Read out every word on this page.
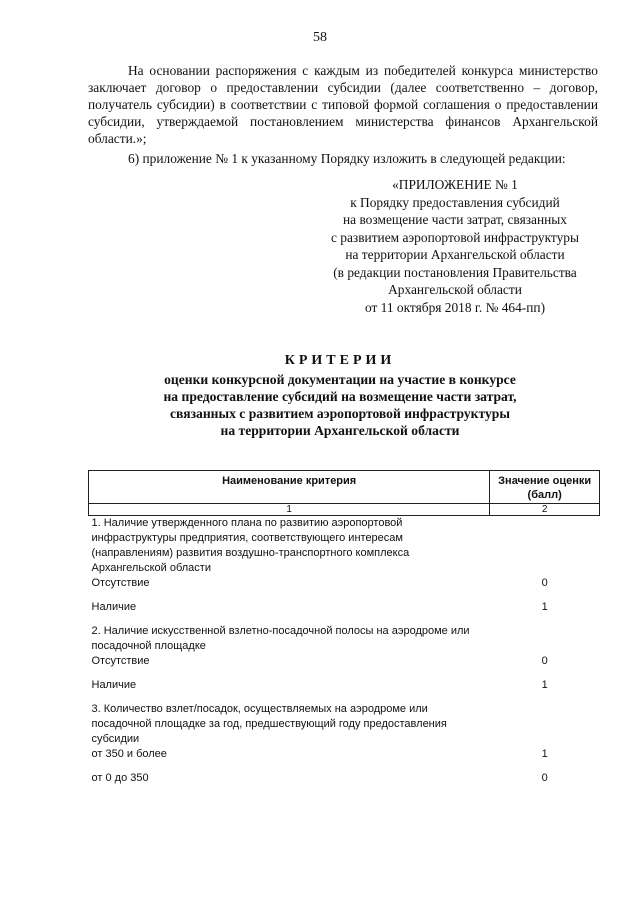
58

На основании распоряжения с каждым из победителей конкурса министерство заключает договор о предоставлении субсидии (далее соответственно – договор, получатель субсидии) в соответствии с типовой формой соглашения о предоставлении субсидии, утверждаемой постановлением министерства финансов Архангельской области.»;

6) приложение № 1 к указанному Порядку изложить в следующей редакции:

«ПРИЛОЖЕНИЕ № 1
к Порядку предоставления субсидий
на возмещение части затрат, связанных
с развитием аэропортовой инфраструктуры
на территории Архангельской области
(в редакции постановления Правительства
Архангельской области
от 11 октября 2018 г. № 464-пп)
КРИТЕРИИ
оценки конкурсной документации на участие в конкурсе
на предоставление субсидий на возмещение части затрат,
связанных с развитием аэропортовой инфраструктуры
на территории Архангельской области
Наименование критерия	Значение оценки (балл)
1	2
1. Наличие утвержденного плана по развитию аэропортовой инфраструктуры предприятия, соответствующего интересам (направлениям) развития воздушно-транспортного комплекса Архангельской области	
Отсутствие	0
Наличие	1
2. Наличие искусственной взлетно-посадочной полосы на аэродроме или посадочной площадке	
Отсутствие	0
Наличие	1
3. Количество взлет/посадок, осуществляемых на аэродроме или посадочной площадке за год, предшествующий году предоставления субсидии	
от 350 и более	1
от 0 до 350	0
